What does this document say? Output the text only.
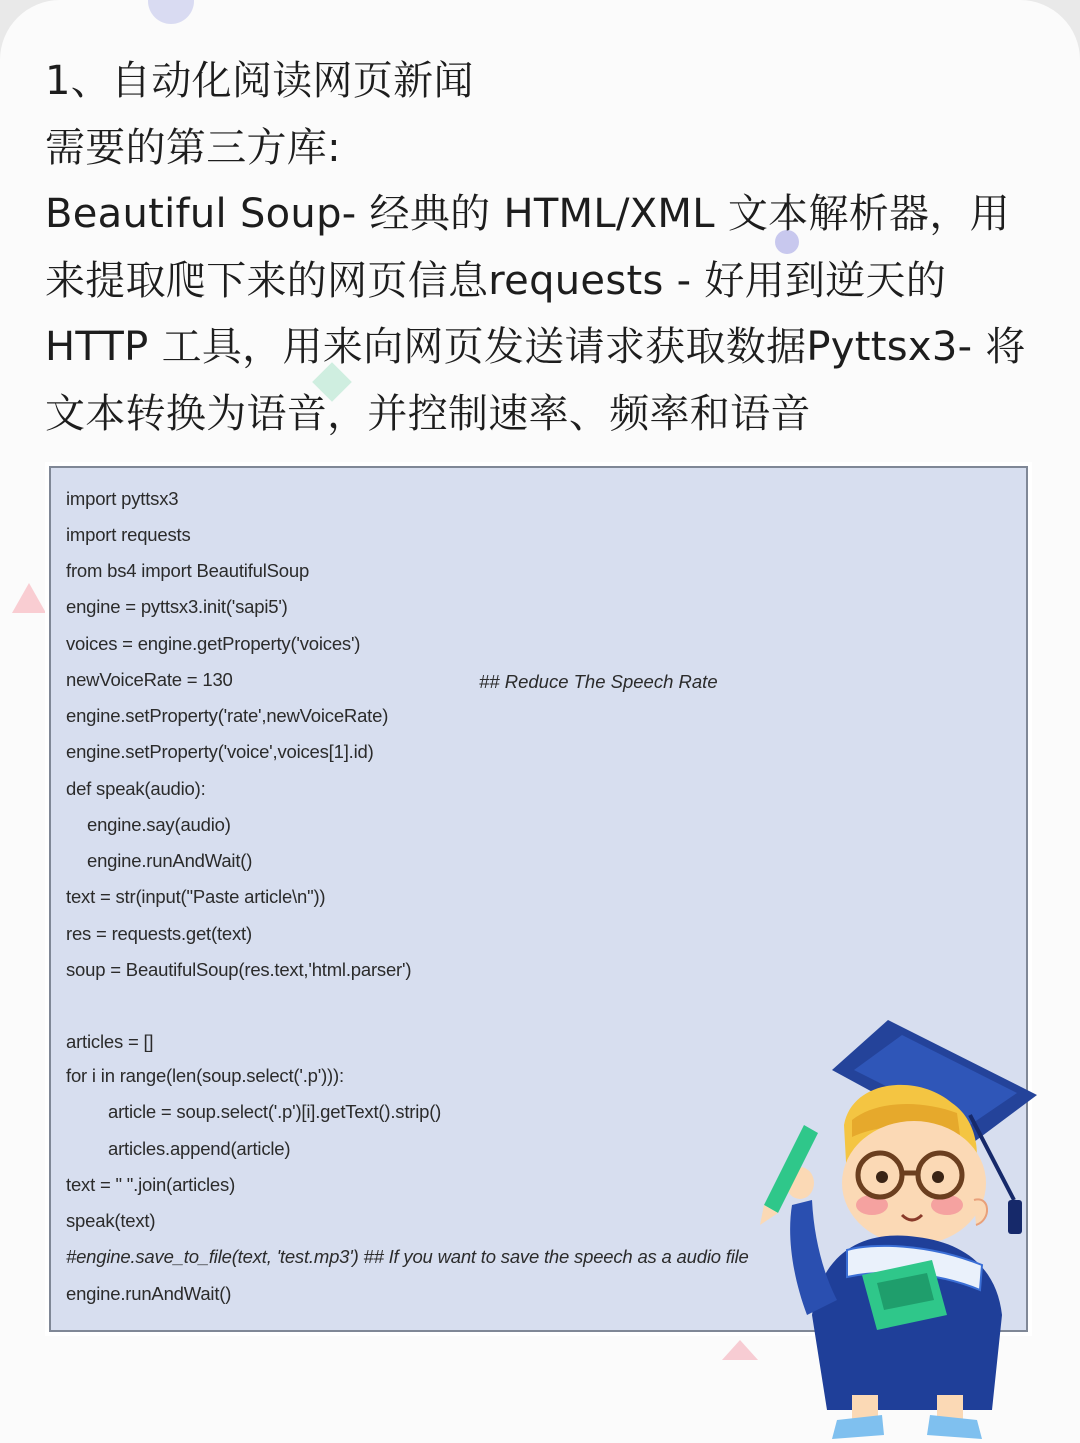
1、自动化阅读网页新闻

需要的第三方库:

Beautiful Soup- 经典的 HTML/XML 文本解析器，用

来提取爬下来的网页信息requests - 好用到逆天的

HTTP 工具，用来向网页发送请求获取数据Pyttsx3- 将

文本转换为语音，并控制速率、频率和语音

import pyttsx3
import requests
from bs4 import BeautifulSoup
engine = pyttsx3.init('sapi5')
voices = engine.getProperty('voices')
newVoiceRate = 130	## Reduce The Speech Rate
engine.setProperty('rate',newVoiceRate)
engine.setProperty('voice',voices[1].id)
def speak(audio):
engine.say(audio)
engine.runAndWait()
text = str(input("Paste article\n"))
res = requests.get(text)
soup = BeautifulSoup(res.text,'html.parser')
articles = []
for i in range(len(soup.select('.p'))):
article = soup.select('.p')[i].getText().strip()
articles.append(article)
text = " ".join(articles)
speak(text)
#engine.save_to_file(text, 'test.mp3') ## If you want to save the speech as a audio file
engine.runAndWait()
